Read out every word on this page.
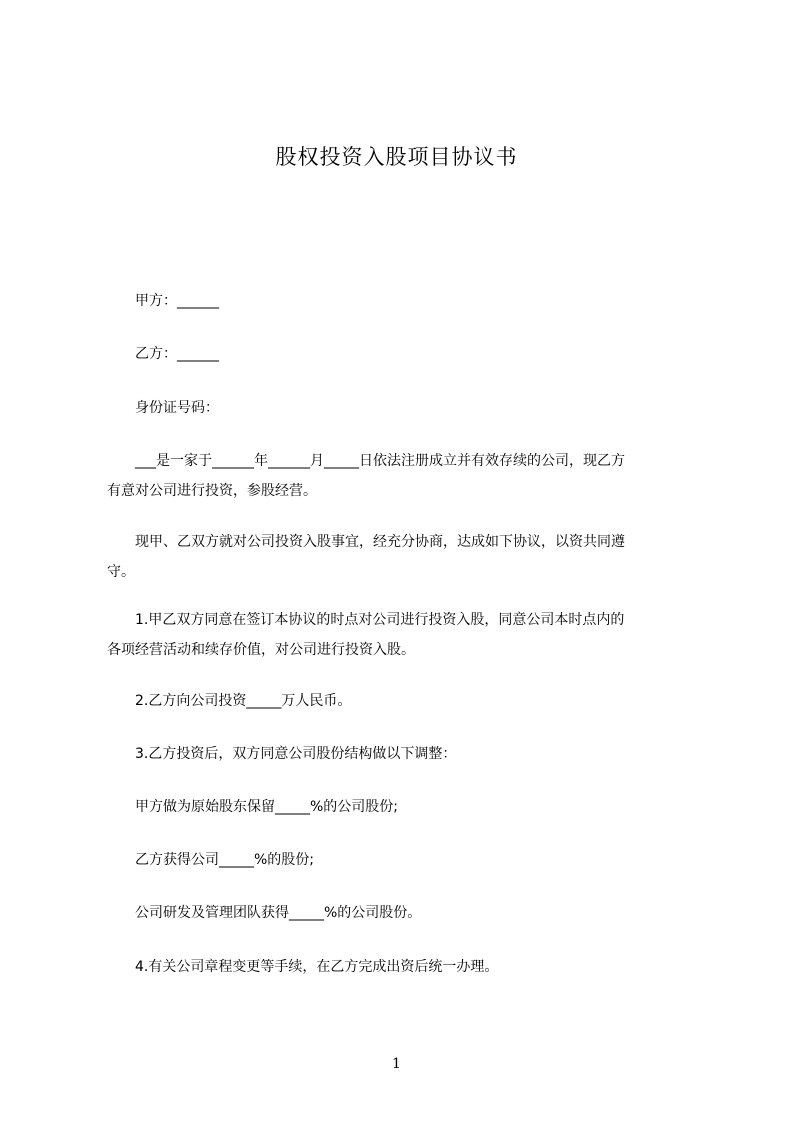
股权投资入股项目协议书
甲方：______
乙方：______
身份证号码：
___是一家于______年______月_____日依法注册成立并有效存续的公司，现乙方
有意对公司进行投资，参股经营。
现甲、乙双方就对公司投资入股事宜，经充分协商，达成如下协议，以资共同遵
守。
1.甲乙双方同意在签订本协议的时点对公司进行投资入股，同意公司本时点内的
各项经营活动和续存价值，对公司进行投资入股。
2.乙方向公司投资_____万人民币。
3.乙方投资后，双方同意公司股份结构做以下调整：
甲方做为原始股东保留_____%的公司股份;
乙方获得公司_____%的股份;
公司研发及管理团队获得_____%的公司股份。
4.有关公司章程变更等手续，在乙方完成出资后统一办理。
1
